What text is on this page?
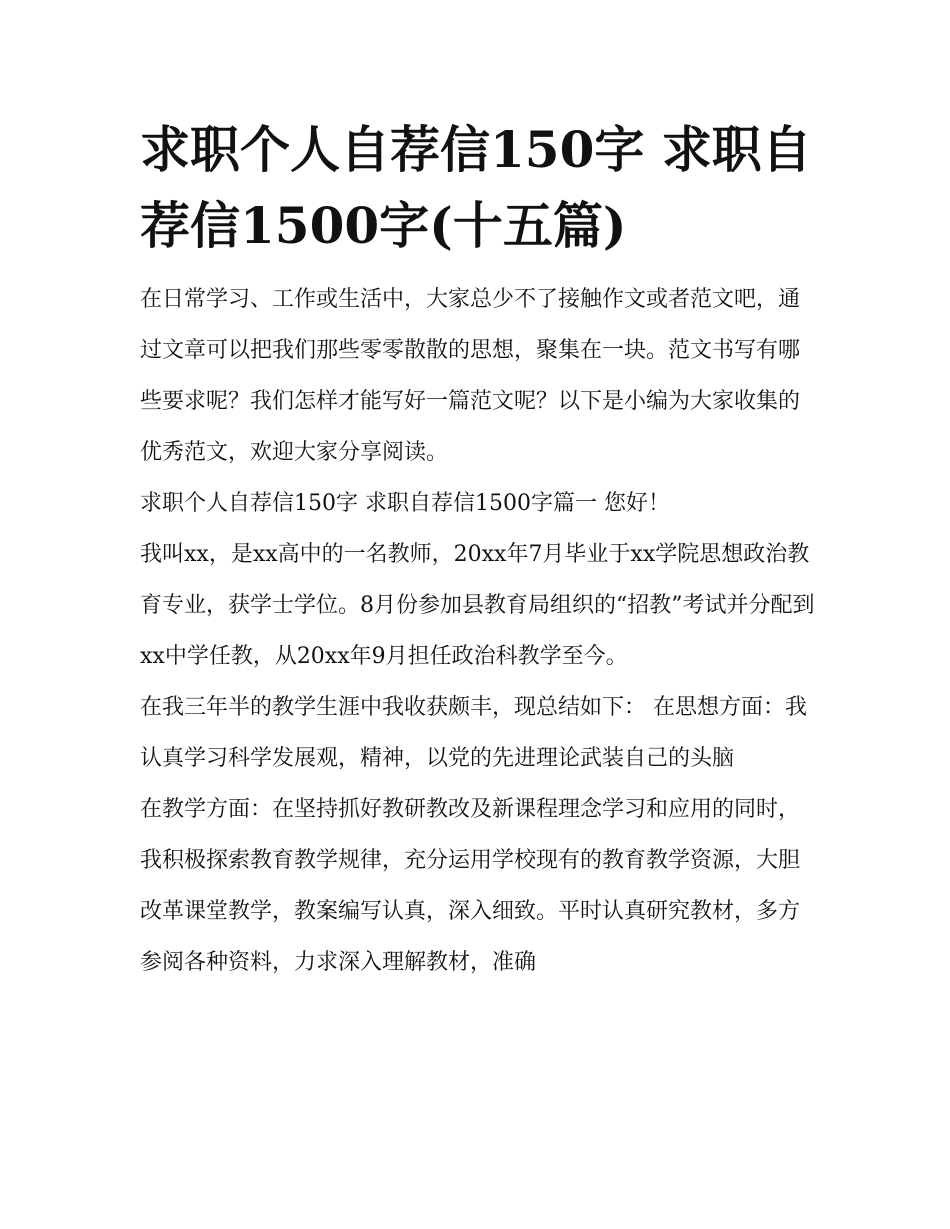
求职个人自荐信150字 求职自荐信1500字(十五篇)

在日常学习、工作或生活中，大家总少不了接触作文或者范文吧，通过文章可以把我们那些零零散散的思想，聚集在一块。范文书写有哪些要求呢？我们怎样才能写好一篇范文呢？以下是小编为大家收集的优秀范文，欢迎大家分享阅读。

求职个人自荐信150字 求职自荐信1500字篇一 您好！

我叫xx，是xx高中的一名教师，20xx年7月毕业于xx学院思想政治教育专业，获学士学位。8月份参加县教育局组织的“招教”考试并分配到xx中学任教，从20xx年9月担任政治科教学至今。

在我三年半的教学生涯中我收获颇丰，现总结如下： 在思想方面：我认真学习科学发展观，精神，以党的先进理论武装自己的头脑

在教学方面：在坚持抓好教研教改及新课程理念学习和应用的同时，我积极探索教育教学规律，充分运用学校现有的教育教学资源，大胆改革课堂教学，教案编写认真，深入细致。平时认真研究教材，多方参阅各种资料，力求深入理解教材，准确
